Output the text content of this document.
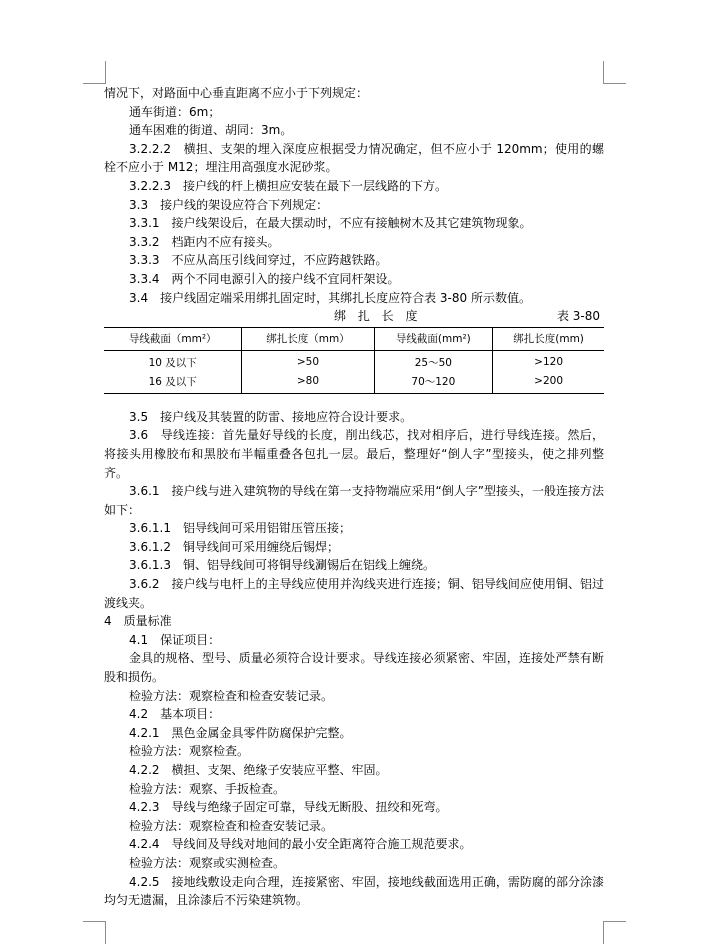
情况下，对路面中心垂直距离不应小于下列规定：
通车街道：6m；
通车困难的街道、胡同：3m。
3.2.2.2　横担、支架的埋入深度应根据受力情况确定，但不应小于 120mm；使用的螺栓不应小于 M12；埋注用高强度水泥砂浆。
3.2.2.3　接户线的杆上横担应安装在最下一层线路的下方。
3.3　接户线的架设应符合下列规定：
3.3.1　接户线架设后，在最大摆动时，不应有接触树木及其它建筑物现象。
3.3.2　档距内不应有接头。
3.3.3　不应从高压引线间穿过，不应跨越铁路。
3.3.4　两个不同电源引入的接户线不宜同杆架设。
3.4　接户线固定端采用绑扎固定时，其绑扎长度应符合表 3-80 所示数值。
绑 扎 长 度	表 3-80
导线截面（mm²）	绑扎长度（mm）	导线截面(mm²)	绑扎长度(mm)
10 及以下	>50	25～50	>120
16 及以下	>80	70～120	>200
3.5　接户线及其装置的防雷、接地应符合设计要求。
3.6　导线连接：首先量好导线的长度，削出线芯，找对相序后，进行导线连接。然后，将接头用橡胶布和黑胶布半幅重叠各包扎一层。最后，整理好“倒人字”型接头，使之排列整齐。
3.6.1　接户线与进入建筑物的导线在第一支持物端应采用“倒人字”型接头，一般连接方法如下：
3.6.1.1　铝导线间可采用铝钳压管压接；
3.6.1.2　铜导线间可采用缠绕后锡焊；
3.6.1.3　铜、铝导线间可将铜导线涮锡后在铝线上缠绕。
3.6.2　接户线与电杆上的主导线应使用并沟线夹进行连接；铜、铝导线间应使用铜、铝过渡线夹。
4　质量标准
4.1　保证项目：
金具的规格、型号、质量必须符合设计要求。导线连接必须紧密、牢固，连接处严禁有断股和损伤。
检验方法：观察检查和检查安装记录。
4.2　基本项目：
4.2.1　黑色金属金具零件防腐保护完整。
检验方法：观察检查。
4.2.2　横担、支架、绝缘子安装应平整、牢固。
检验方法：观察、手扳检查。
4.2.3　导线与绝缘子固定可靠，导线无断股、扭绞和死弯。
检验方法：观察检查和检查安装记录。
4.2.4　导线间及导线对地间的最小安全距离符合施工规范要求。
检验方法：观察或实测检查。
4.2.5　接地线敷设走向合理，连接紧密、牢固，接地线截面选用正确，需防腐的部分涂漆均匀无遗漏，且涂漆后不污染建筑物。
